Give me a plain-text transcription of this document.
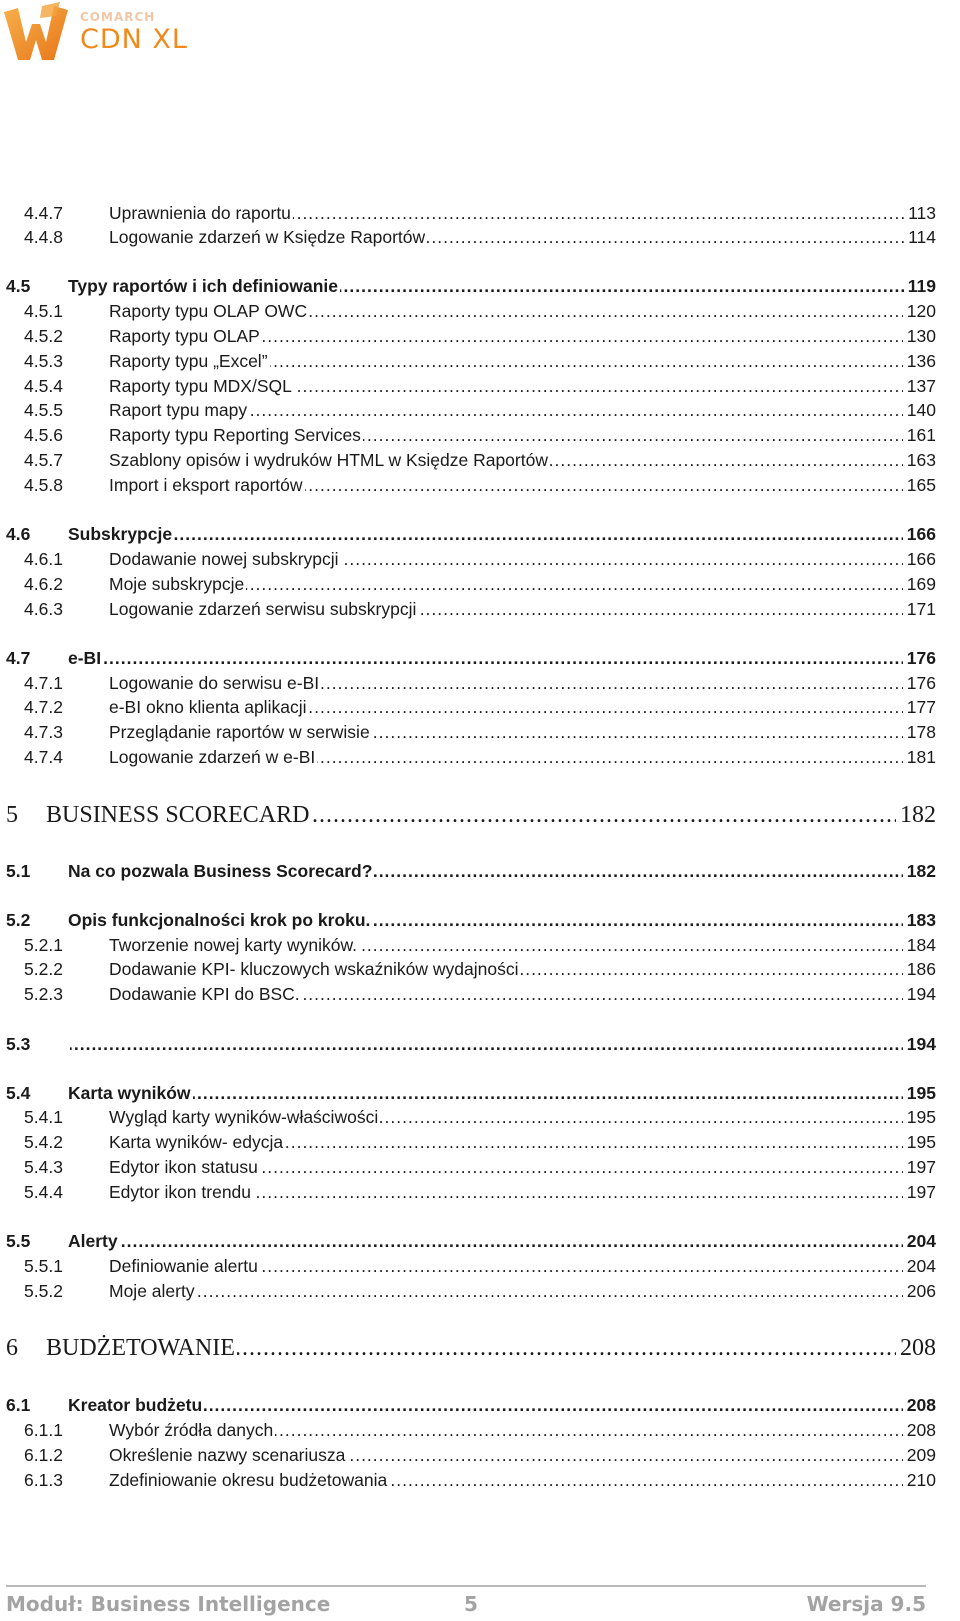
COMARCH
CDN XL
4.4.7	Uprawnienia do raportu .....	113
4.4.8	Logowanie zdarzeń w Księdze Raportów .....	114
4.5 Typy raportów i ich definiowanie .....	119
4.5.1	Raporty typu OLAP OWC .....	120
4.5.2	Raporty typu OLAP .....	130
4.5.3	Raporty typu „Excel” .....	136
4.5.4	Raporty typu MDX/SQL .....	137
4.5.5	Raport typu mapy .....	140
4.5.6	Raporty typu Reporting Services .....	161
4.5.7	Szablony opisów i wydruków HTML w Księdze Raportów .....	163
4.5.8	Import i eksport raportów .....	165
4.6 Subskrypcje .....	166
4.6.1	Dodawanie nowej subskrypcji .....	166
4.6.2	Moje subskrypcje .....	169
4.6.3	Logowanie zdarzeń serwisu subskrypcji .....	171
4.7 e-BI .....	176
4.7.1	Logowanie do serwisu e-BI .....	176
4.7.2	e-BI okno klienta aplikacji .....	177
4.7.3	Przeglądanie raportów w serwisie .....	178
4.7.4	Logowanie zdarzeń w e-BI .....	181
5 BUSINESS SCORECARD .....	182
5.1 Na co pozwala Business Scorecard? .....	182
5.2 Opis funkcjonalności krok po kroku. .....	183
5.2.1	Tworzenie nowej karty wyników. .....	184
5.2.2	Dodawanie KPI- kluczowych wskaźników wydajności .....	186
5.2.3	Dodawanie KPI do BSC. .....	194
5.3 .....	194
5.4 Karta wyników .....	195
5.4.1	Wygląd karty wyników-właściwości .....	195
5.4.2	Karta wyników- edycja .....	195
5.4.3	Edytor ikon statusu .....	197
5.4.4	Edytor ikon trendu .....	197
5.5 Alerty .....	204
5.5.1	Definiowanie alertu .....	204
5.5.2	Moje alerty .....	206
6 BUDŻETOWANIE .....	208
6.1 Kreator budżetu .....	208
6.1.1	Wybór źródła danych .....	208
6.1.2	Określenie nazwy scenariusza .....	209
6.1.3	Zdefiniowanie okresu budżetowania .....	210
Moduł: Business Intelligence	5	Wersja 9.5
